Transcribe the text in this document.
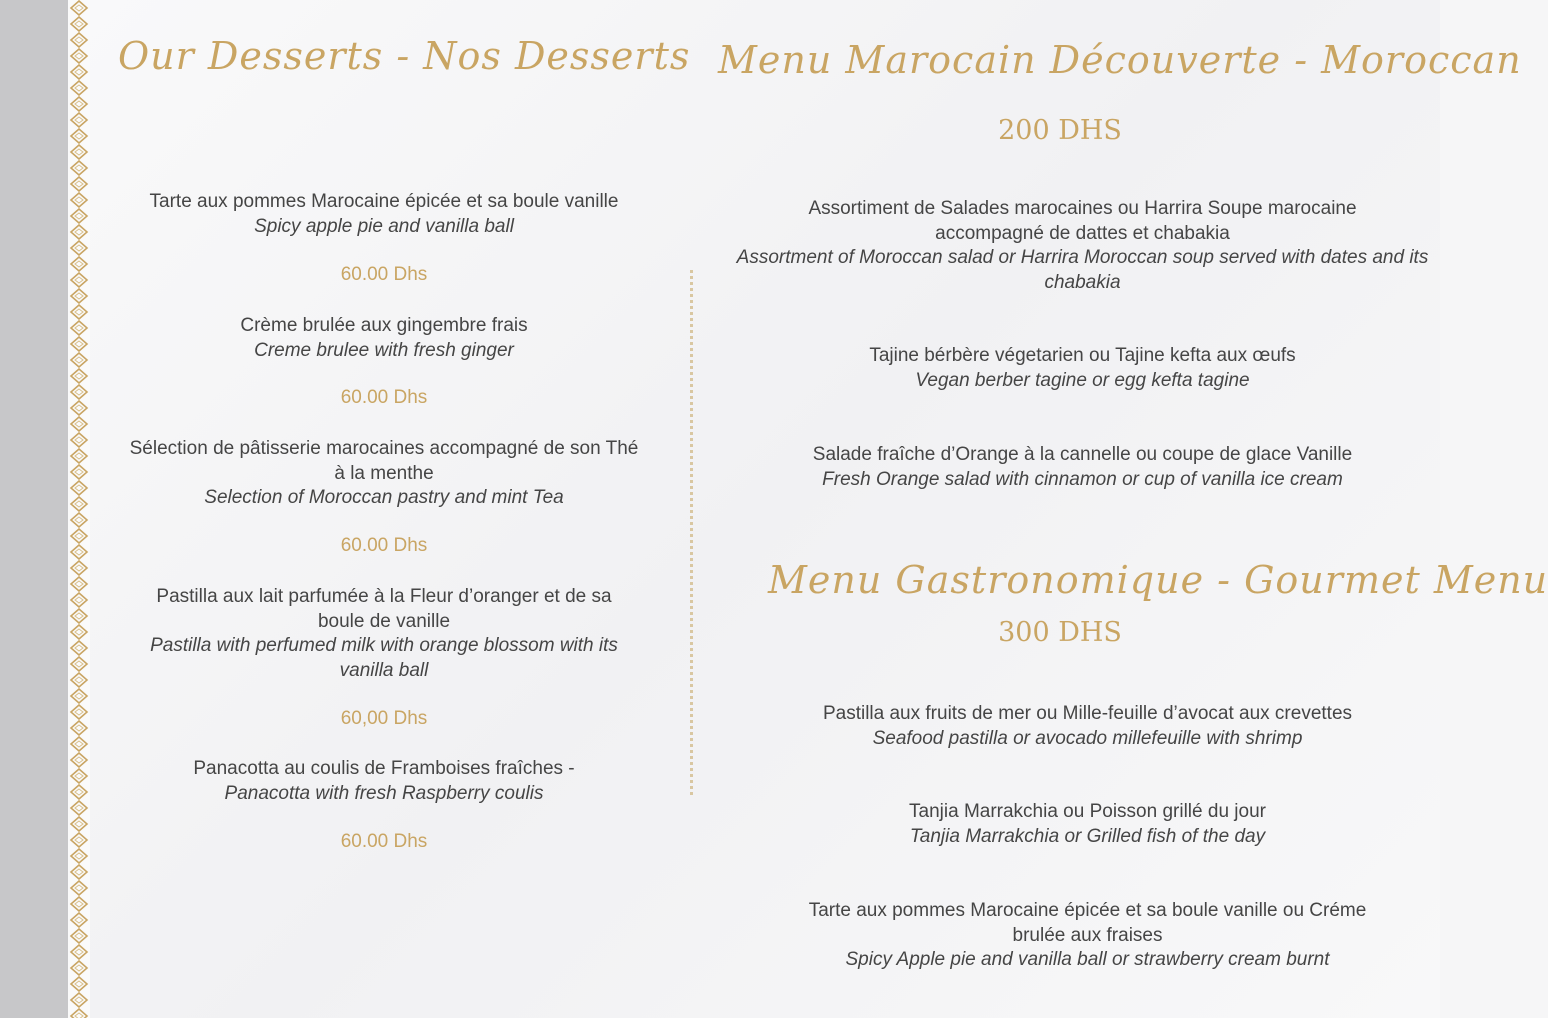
Our Desserts - Nos Desserts
Tarte aux pommes Marocaine épicée et sa boule vanille
Spicy apple pie and vanilla ball
60.00 Dhs
Crème brulée aux gingembre frais
Creme brulee with fresh ginger
60.00 Dhs
Sélection de pâtisserie marocaines accompagné de son Thé à la menthe
Selection of Moroccan pastry and mint Tea
60.00 Dhs
Pastilla aux lait parfumée à la Fleur d’oranger et de sa boule de vanille
Pastilla with perfumed milk with orange blossom with its vanilla ball
60,00 Dhs
Panacotta au coulis de Framboises fraîches -
Panacotta with fresh Raspberry coulis
60.00 Dhs
Menu Marocain Découverte - Moroccan
200 DHS
Assortiment de Salades marocaines ou Harrira Soupe marocaine accompagné de dattes et chabakia
Assortment of Moroccan salad or Harrira Moroccan soup served with dates and its chabakia
Tajine bérbère végetarien ou Tajine kefta aux œufs
Vegan berber tagine or egg kefta tagine
Salade fraîche d’Orange à la cannelle ou coupe de glace Vanille
Fresh Orange salad with cinnamon or cup of vanilla ice cream
Menu Gastronomique - Gourmet Menu
300 DHS
Pastilla aux fruits de mer ou Mille-feuille d’avocat aux crevettes
Seafood pastilla or avocado millefeuille with shrimp
Tanjia Marrakchia ou Poisson grillé du jour
Tanjia Marrakchia or Grilled fish of the day
Tarte aux pommes Marocaine épicée et sa boule vanille ou Créme brulée aux fraises
Spicy Apple pie and vanilla ball or strawberry cream burnt
